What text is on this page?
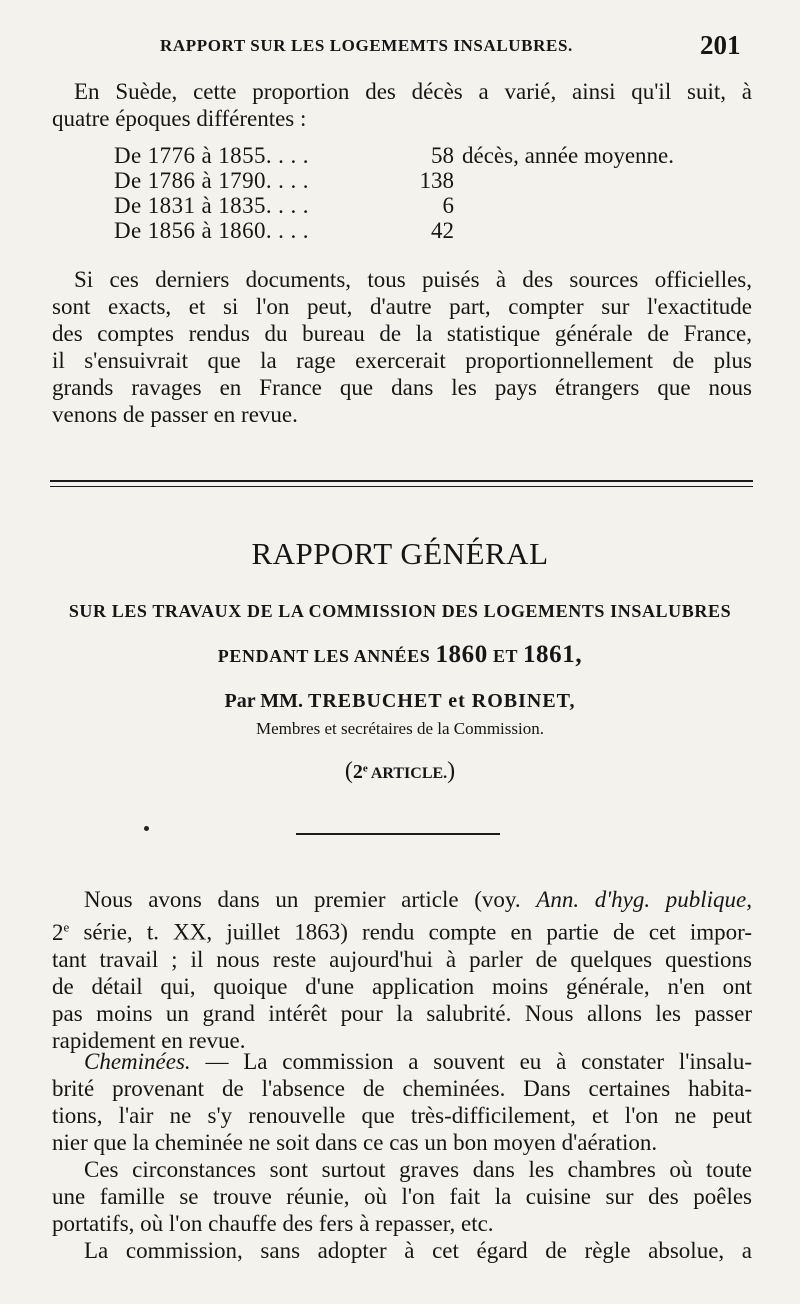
RAPPORT SUR LES LOGEMEMTS INSALUBRES.	201
En Suède, cette proportion des décès a varié, ainsi qu'il suit, à
quatre époques différentes :
De 1776 à 1855. . . .	58 décès, année moyenne.
De 1786 à 1790. . . .	138
De 1831 à 1835. . . .	6
De 1856 à 1860. . . .	42
Si ces derniers documents, tous puisés à des sources officielles,
sont exacts, et si l'on peut, d'autre part, compter sur l'exactitude
des comptes rendus du bureau de la statistique générale de France,
il s'ensuivrait que la rage exercerait proportionnellement de plus
grands ravages en France que dans les pays étrangers que nous
venons de passer en revue.
RAPPORT GÉNÉRAL
SUR LES TRAVAUX DE LA COMMISSION DES LOGEMENTS INSALUBRES
PENDANT LES ANNÉES 1860 ET 1861,
Par MM. TREBUCHET et ROBINET,
Membres et secrétaires de la Commission.
(2e ARTICLE.)
Nous avons dans un premier article (voy. Ann. d'hyg. publique,
2e série, t. XX, juillet 1863) rendu compte en partie de cet impor-
tant travail ; il nous reste aujourd'hui à parler de quelques questions
de détail qui, quoique d'une application moins générale, n'en ont
pas moins un grand intérêt pour la salubrité. Nous allons les passer
rapidement en revue.
Cheminées. — La commission a souvent eu à constater l'insalu-
brité provenant de l'absence de cheminées. Dans certaines habita-
tions, l'air ne s'y renouvelle que très-difficilement, et l'on ne peut
nier que la cheminée ne soit dans ce cas un bon moyen d'aération.
Ces circonstances sont surtout graves dans les chambres où toute
une famille se trouve réunie, où l'on fait la cuisine sur des poêles
portatifs, où l'on chauffe des fers à repasser, etc.
La commission, sans adopter à cet égard de règle absolue, a
